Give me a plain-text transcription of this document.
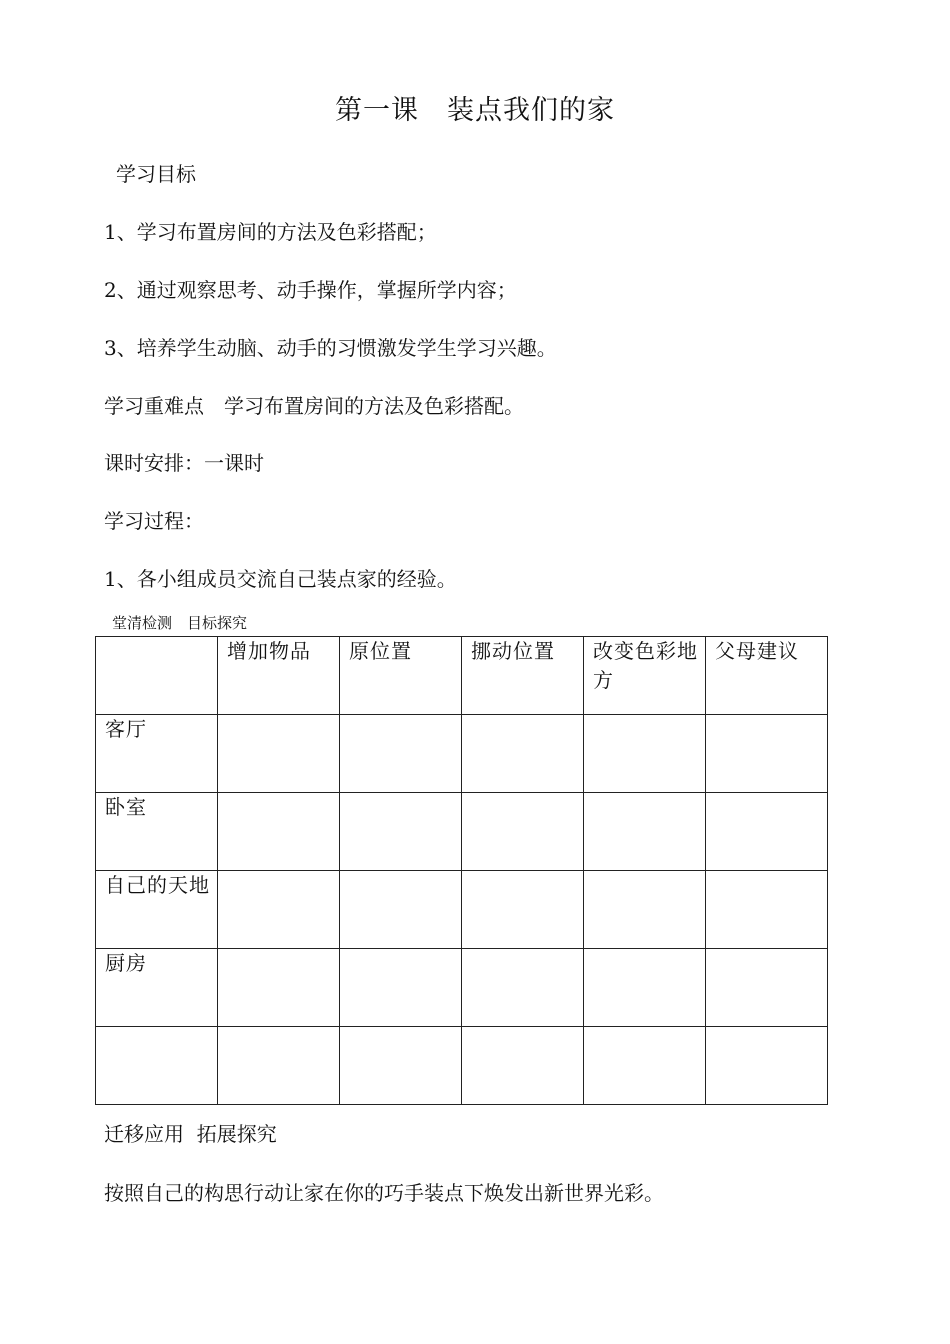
第一课　装点我们的家
学习目标
1、学习布置房间的方法及色彩搭配；
2、通过观察思考、动手操作，掌握所学内容；
3、培养学生动脑、动手的习惯激发学生学习兴趣。
学习重难点　学习布置房间的方法及色彩搭配。
课时安排：一课时
学习过程：
1、各小组成员交流自己装点家的经验。
堂清检测　目标探究
	增加物品	原位置	挪动位置	改变色彩地方	父母建议
客厅					
卧室					
自己的天地					
厨房					

迁移应用  拓展探究
按照自己的构思行动让家在你的巧手装点下焕发出新世界光彩。
